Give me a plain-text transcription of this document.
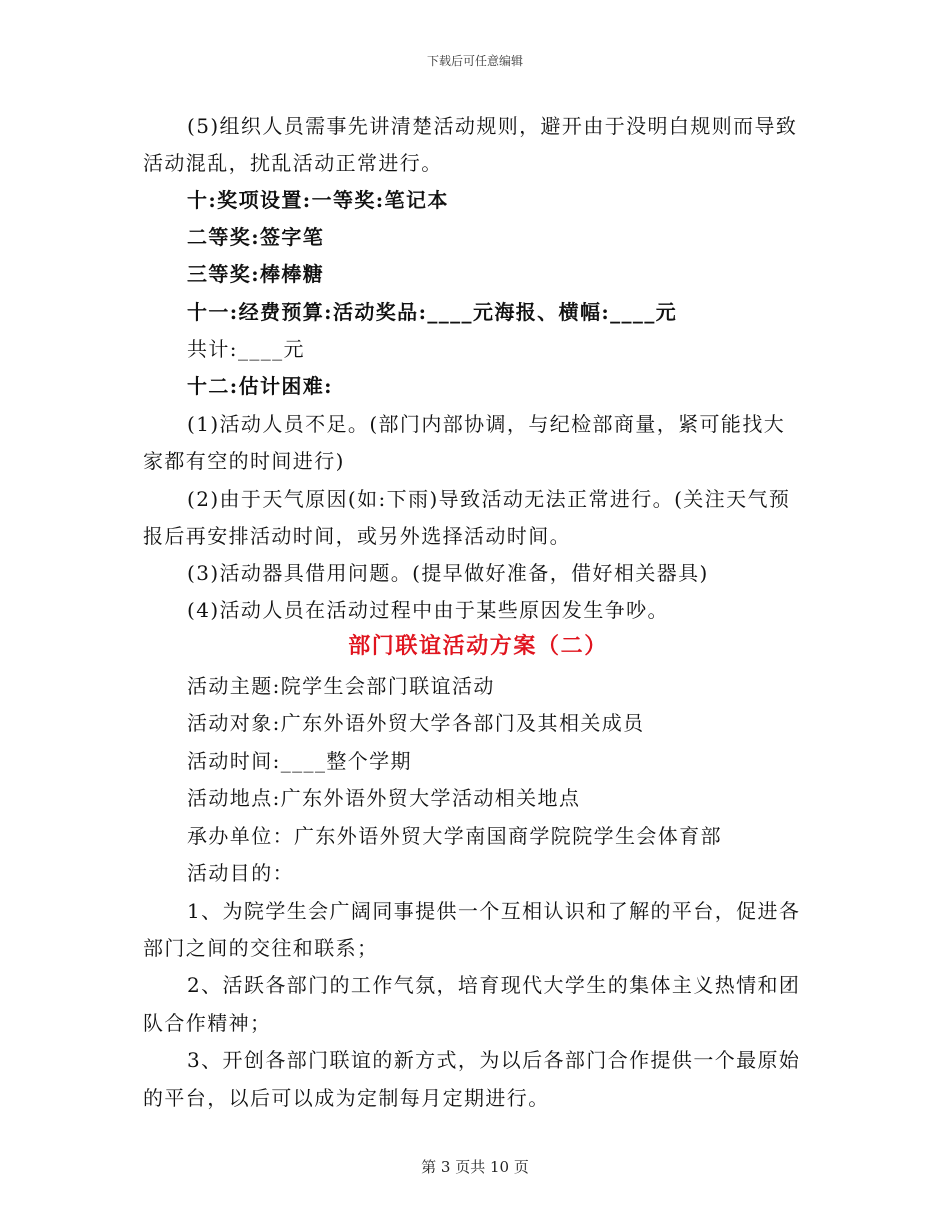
下载后可任意编辑
(5)组织人员需事先讲清楚活动规则，避开由于没明白规则而导致
活动混乱，扰乱活动正常进行。
十:奖项设置:一等奖:笔记本
二等奖:签字笔
三等奖:棒棒糖
十一:经费预算:活动奖品:____元海报、横幅:____元
共计:____元
十二:估计困难:
(1)活动人员不足。(部门内部协调，与纪检部商量，紧可能找大
家都有空的时间进行)
(2)由于天气原因(如:下雨)导致活动无法正常进行。(关注天气预
报后再安排活动时间，或另外选择活动时间。
(3)活动器具借用问题。(提早做好准备，借好相关器具)
(4)活动人员在活动过程中由于某些原因发生争吵。
部门联谊活动方案（二）
活动主题:院学生会部门联谊活动
活动对象:广东外语外贸大学各部门及其相关成员
活动时间:____整个学期
活动地点:广东外语外贸大学活动相关地点
承办单位：广东外语外贸大学南国商学院院学生会体育部
活动目的：
1、为院学生会广阔同事提供一个互相认识和了解的平台，促进各
部门之间的交往和联系；
2、活跃各部门的工作气氛，培育现代大学生的集体主义热情和团
队合作精神；
3、开创各部门联谊的新方式，为以后各部门合作提供一个最原始
的平台，以后可以成为定制每月定期进行。
第 3 页共 10 页
